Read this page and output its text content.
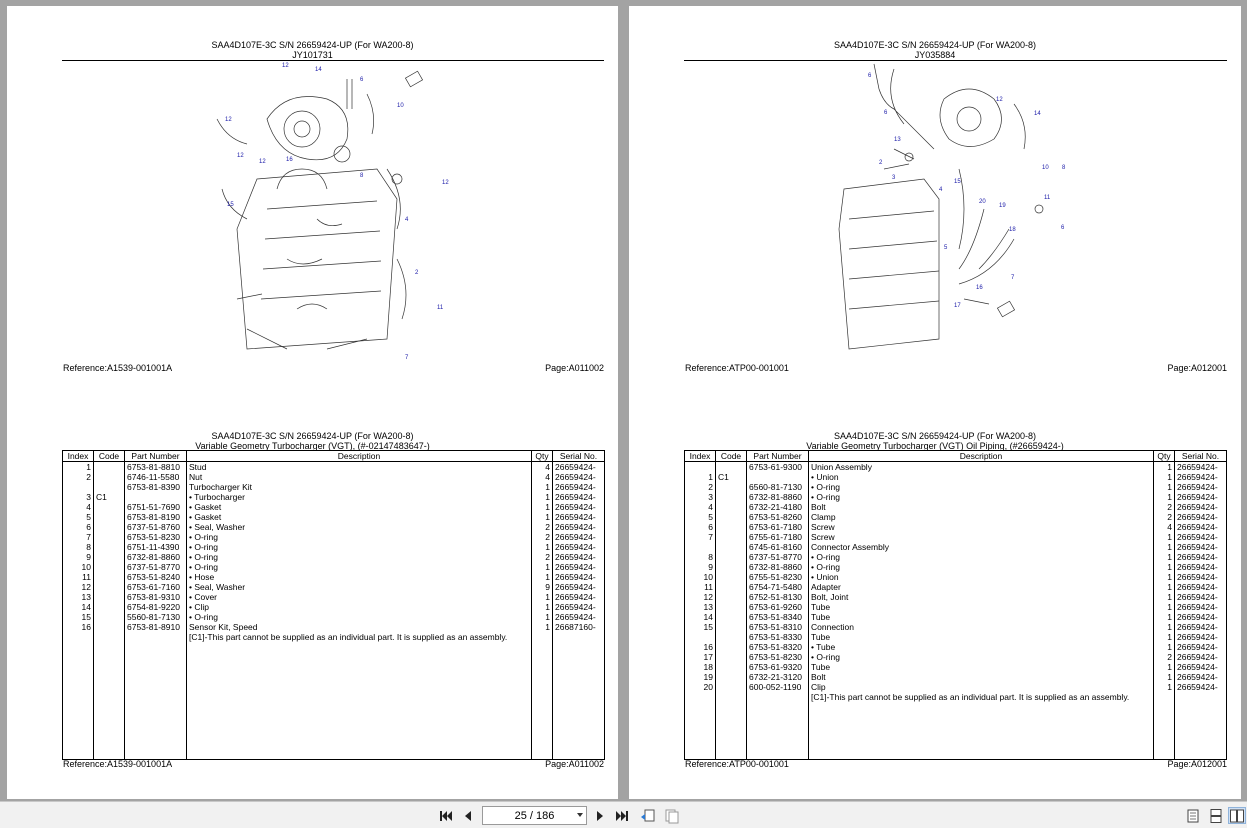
SAA4D107E-3C S/N 26659424-UP (For WA200-8)
JY101731
12
14
6
10
12
12
12	16
8
12
15
4
2
11
7
Reference:A1539-001001A	Page:A011002
SAA4D107E-3C S/N 26659424-UP (For WA200-8)
Variable Geometry Turbocharger (VGT), (#-02147483647-)
Index	Code	Part Number	Description	Qty	Serial No.
1		6753-81-8810	Stud	4	26659424-
2		6746-11-5580	Nut	4	26659424-
		6753-81-8390	Turbocharger Kit	1	26659424-
3	C1		• Turbocharger	1	26659424-
4		6751-51-7690	• Gasket	1	26659424-
5		6753-81-8190	• Gasket	1	26659424-
6		6737-51-8760	• Seal, Washer	2	26659424-
7		6753-51-8230	• O-ring	2	26659424-
8		6751-11-4390	• O-ring	1	26659424-
9		6732-81-8860	• O-ring	2	26659424-
10		6737-51-8770	• O-ring	1	26659424-
11		6753-51-8240	• Hose	1	26659424-
12		6753-61-7160	• Seal, Washer	9	26659424-
13		6753-81-9310	• Cover	1	26659424-
14		6754-81-9220	• Clip	1	26659424-
15		5560-81-7130	• O-ring	1	26659424-
16		6753-81-8910	Sensor Kit, Speed	1	26687160-
			[C1]-This part cannot be supplied as an individual part. It is supplied as an assembly.		
Reference:A1539-001001A	Page:A011002
SAA4D107E-3C S/N 26659424-UP (For WA200-8)
JY035884
6
6
12
14
13
2
3
10 8
15
4
20
19
11
6
18
5
16
17
7
Reference:ATP00-001001	Page:A012001
SAA4D107E-3C S/N 26659424-UP (For WA200-8)
Variable Geometry Turbocharger (VGT) Oil Piping, (#26659424-)
Index	Code	Part Number	Description	Qty	Serial No.
		6753-61-9300	Union Assembly	1	26659424-
1	C1		• Union	1	26659424-
2		6560-81-7130	• O-ring	1	26659424-
3		6732-81-8860	• O-ring	1	26659424-
4		6732-21-4180	Bolt	2	26659424-
5		6753-51-8260	Clamp	2	26659424-
6		6753-61-7180	Screw	4	26659424-
7		6755-61-7180	Screw	1	26659424-
		6745-61-8160	Connector Assembly	1	26659424-
8		6737-51-8770	• O-ring	1	26659424-
9		6732-81-8860	• O-ring	1	26659424-
10		6755-51-8230	• Union	1	26659424-
11		6754-71-5480	Adapter	1	26659424-
12		6752-51-8130	Bolt, Joint	1	26659424-
13		6753-61-9260	Tube	1	26659424-
14		6753-51-8340	Tube	1	26659424-
15		6753-51-8310	Connection	1	26659424-
		6753-51-8330	Tube	1	26659424-
16		6753-51-8320	• Tube	1	26659424-
17		6753-51-8230	• O-ring	2	26659424-
18		6753-61-9320	Tube	1	26659424-
19		6732-21-3120	Bolt	1	26659424-
20		600-052-1190	Clip	1	26659424-
			[C1]-This part cannot be supplied as an individual part. It is supplied as an assembly.		
Reference:ATP00-001001	Page:A012001
25 / 186
